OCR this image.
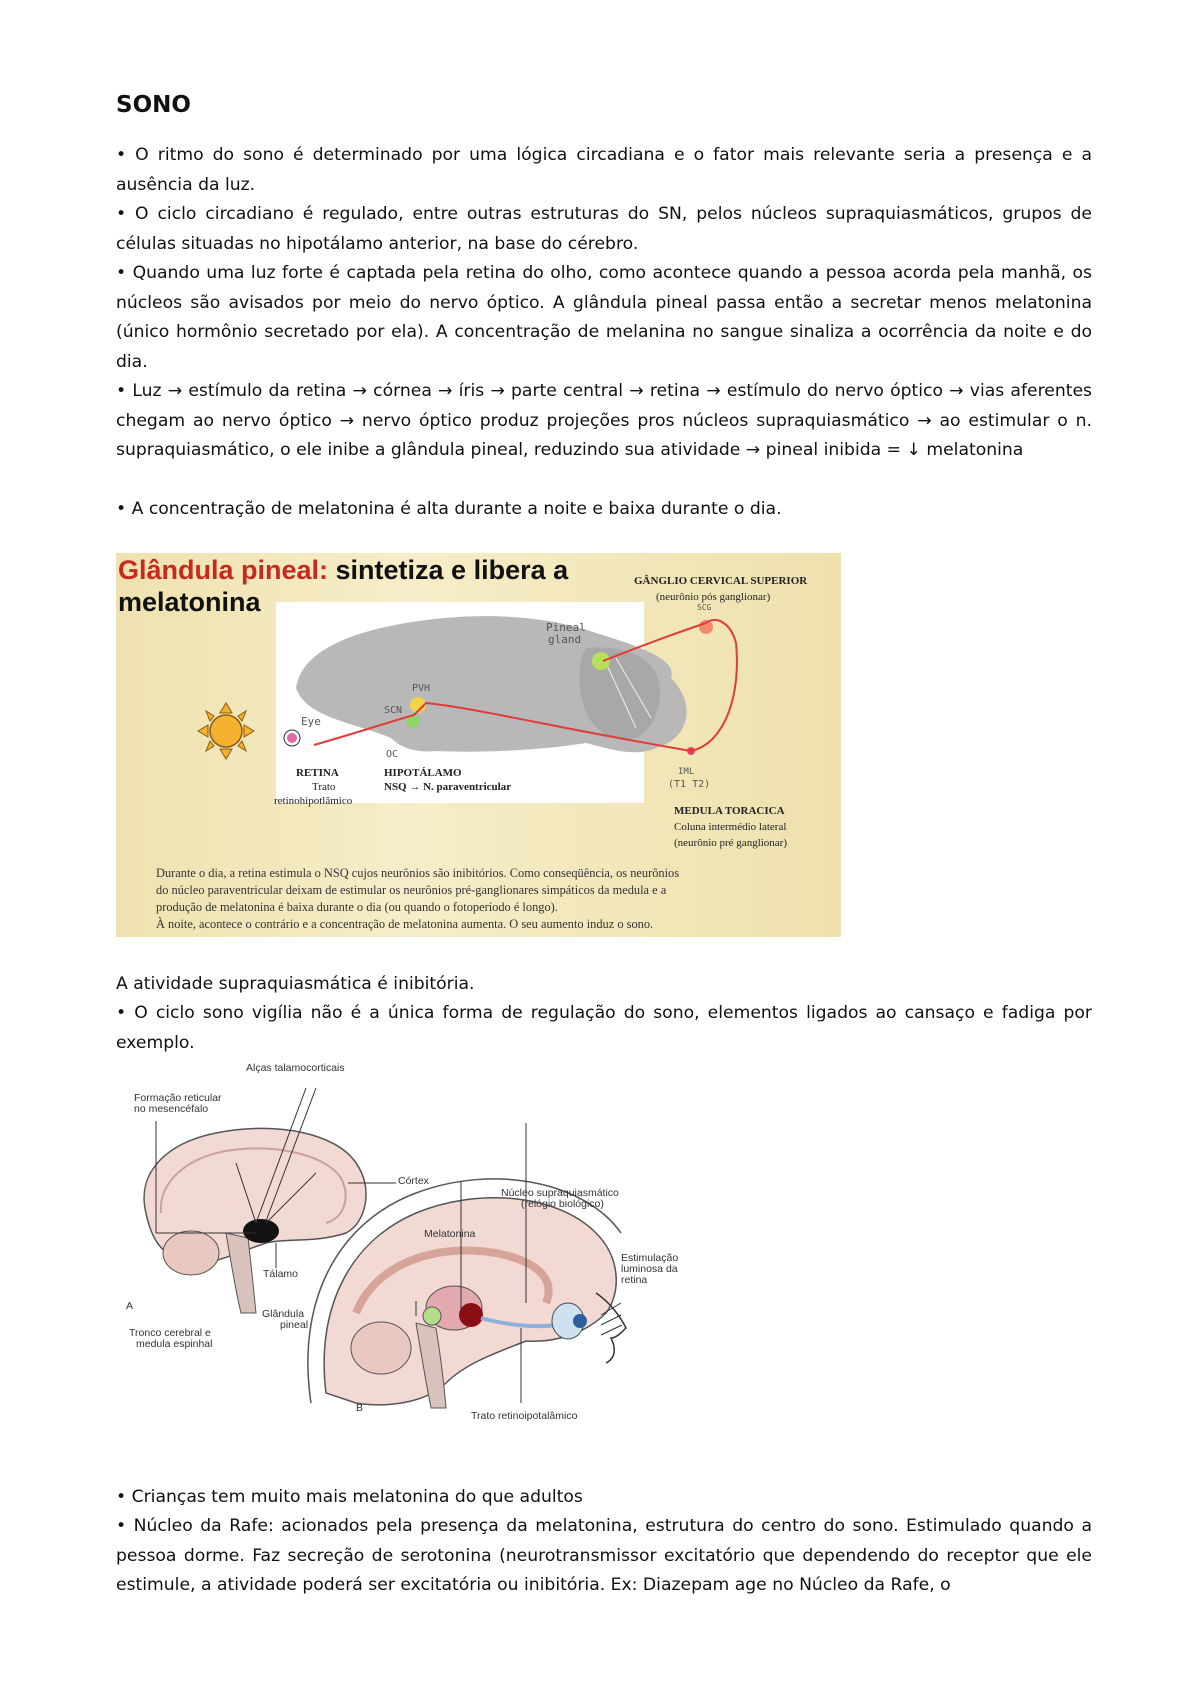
SONO
• O ritmo do sono é determinado por uma lógica circadiana e o fator mais relevante seria a presença e a ausência da luz.
• O ciclo circadiano é regulado, entre outras estruturas do SN, pelos núcleos supraquiasmáticos, grupos de células situadas no hipotálamo anterior, na base do cérebro.
• Quando uma luz forte é captada pela retina do olho, como acontece quando a pessoa acorda pela manhã, os núcleos são avisados por meio do nervo óptico. A glândula pineal passa então a secretar menos melatonina (único hormônio secretado por ela). A concentração de melanina no sangue sinaliza a ocorrência da noite e do dia.
• Luz → estímulo da retina → córnea → íris → parte central → retina → estímulo do nervo óptico → vias aferentes chegam ao nervo óptico → nervo óptico produz projeções pros núcleos supraquiasmático → ao estimular o n. supraquiasmático, o ele inibe a glândula pineal, reduzindo sua atividade → pineal inibida = ↓ melatonina
• A concentração de melatonina é alta durante a noite e baixa durante o dia.
Glândula pineal: sintetiza e libera a
melatonina
GÂNGLIO CERVICAL SUPERIOR
(neurônio pós ganglionar)
SCG
Pineal
gland
PVH
SCN
Eye
OC
RETINA
Trato
retinohipotlâmico
HIPOTÁLAMO
NSQ → N. paraventricular
IML
(T1 T2)
MEDULA TORACICA
Coluna intermédio lateral
(neurônio pré ganglionar)
Durante o dia, a retina estimula o NSQ cujos neurônios são inibitórios. Como conseqüência, os neurônios
do núcleo paraventricular deixam de estimular os neurônios pré-ganglionares simpáticos da medula e a
produção de melatonina é baixa durante o dia (ou quando o fotoperíodo é longo).
À noite, acontece o contrário e a concentração de melatonina aumenta. O seu aumento induz o sono.
A atividade supraquiasmática é inibitória.
• O ciclo sono vigília não é a única forma de regulação do sono, elementos ligados ao cansaço e fadiga por exemplo.
Alças talamocorticais
Formação reticular
no mesencéfalo
Córtex
Núcleo supraquiasmático
(relógio biológico)
Melatonina
Estimulação
luminosa da
retina
Tálamo
A
Glândula
pineal
Tronco cerebral e
medula espinhal
B
Trato retinoipotalâmico
• Crianças tem muito mais melatonina do que adultos
• Núcleo da Rafe: acionados pela presença da melatonina, estrutura do centro do sono. Estimulado quando a pessoa dorme. Faz secreção de serotonina (neurotransmissor excitatório que dependendo do receptor que ele estimule, a atividade poderá ser excitatória ou inibitória. Ex: Diazepam age no Núcleo da Rafe, o
